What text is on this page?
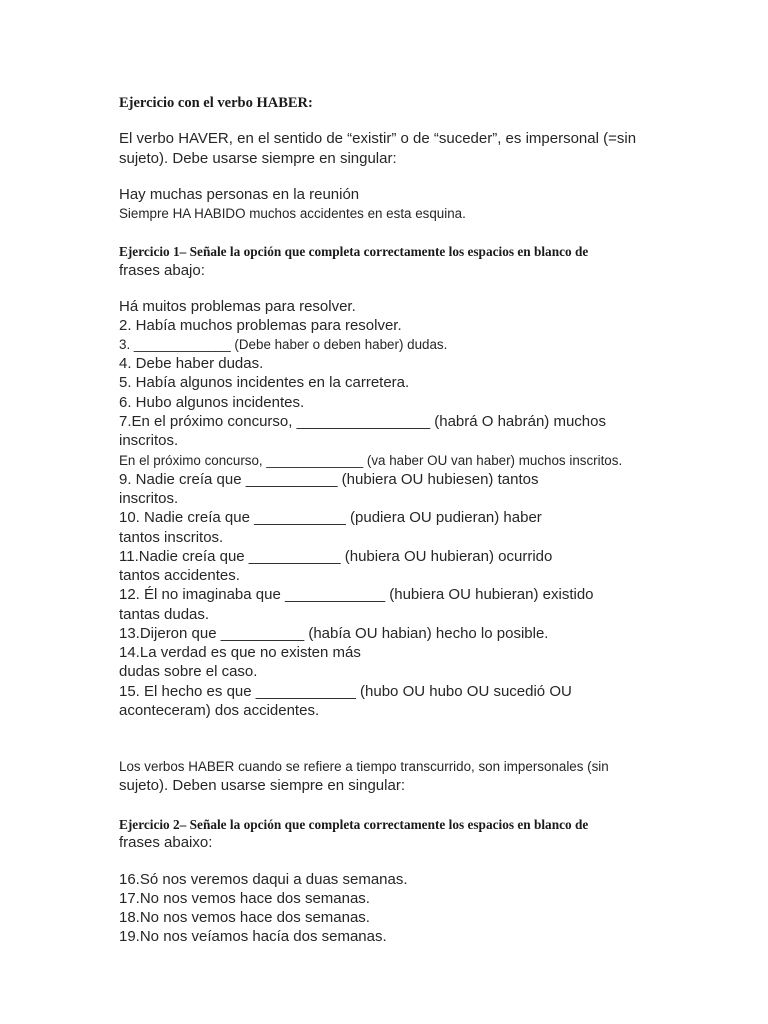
Ejercicio con el verbo HABER:
El verbo HAVER, en el sentido de “existir” o de “suceder”, es impersonal (=sin
sujeto). Debe usarse siempre en singular:
Hay muchas personas en la reunión
Siempre HA HABIDO muchos accidentes en esta esquina.
Ejercicio 1– Señale la opción que completa correctamente los espacios en blanco de
frases abajo:
Há muitos problemas para resolver.
2. Había muchos problemas para resolver.
3. _____________ (Debe haber o deben haber) dudas.
4. Debe haber dudas.
5. Había algunos incidentes en la carretera.
6. Hubo algunos incidentes.
7.En el próximo concurso, ________________ (habrá O habrán) muchos
inscritos.
En el próximo concurso, _____________ (va haber OU van haber) muchos inscritos.
9. Nadie creía que ___________ (hubiera OU hubiesen) tantos
inscritos.
10. Nadie creía que ___________ (pudiera OU pudieran) haber
tantos inscritos.
11.Nadie creía que ___________ (hubiera OU hubieran) ocurrido
tantos accidentes.
12. Él no imaginaba que ____________ (hubiera OU hubieran) existido
tantas dudas.
13.Dijeron que __________ (había OU habian) hecho lo posible.
14.La verdad es que no existen más
dudas sobre el caso.
15. El hecho es que ____________ (hubo OU hubo OU sucedió OU
aconteceram) dos accidentes.
Los verbos HABER cuando se refiere a tiempo transcurrido, son impersonales (sin
sujeto). Deben usarse siempre en singular:
Ejercicio 2– Señale la opción que completa correctamente los espacios en blanco de
frases abaixo:
16.Só nos veremos daqui a duas semanas.
17.No nos vemos hace dos semanas.
18.No nos vemos hace dos semanas.
19.No nos veíamos hacía dos semanas.
